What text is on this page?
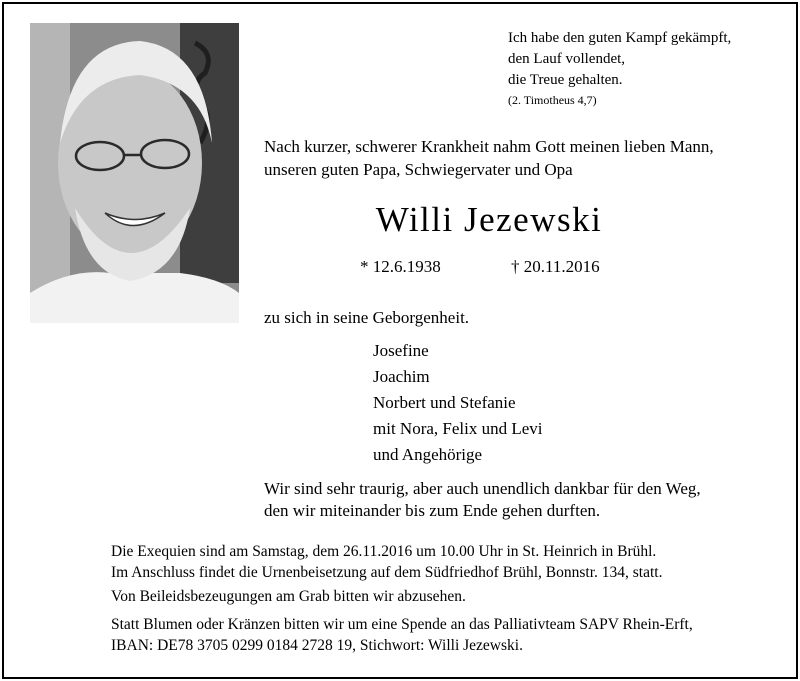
Ich habe den guten Kampf gekämpft,
den Lauf vollendet,
die Treue gehalten.
(2. Timotheus 4,7)
Nach kurzer, schwerer Krankheit nahm Gott meinen lieben Mann,
unseren guten Papa, Schwiegervater und Opa
Willi Jezewski
* 12.6.1938	† 20.11.2016
zu sich in seine Geborgenheit.
Josefine
Joachim
Norbert und Stefanie
mit Nora, Felix und Levi
und Angehörige
Wir sind sehr traurig, aber auch unendlich dankbar für den Weg,
den wir miteinander bis zum Ende gehen durften.
Die Exequien sind am Samstag, dem 26.11.2016 um 10.00 Uhr in St. Heinrich in Brühl.
Im Anschluss findet die Urnenbeisetzung auf dem Südfriedhof Brühl, Bonnstr. 134, statt.
Von Beileidsbezeugungen am Grab bitten wir abzusehen.
Statt Blumen oder Kränzen bitten wir um eine Spende an das Palliativteam SAPV Rhein-Erft,
IBAN: DE78 3705 0299 0184 2728 19, Stichwort: Willi Jezewski.
